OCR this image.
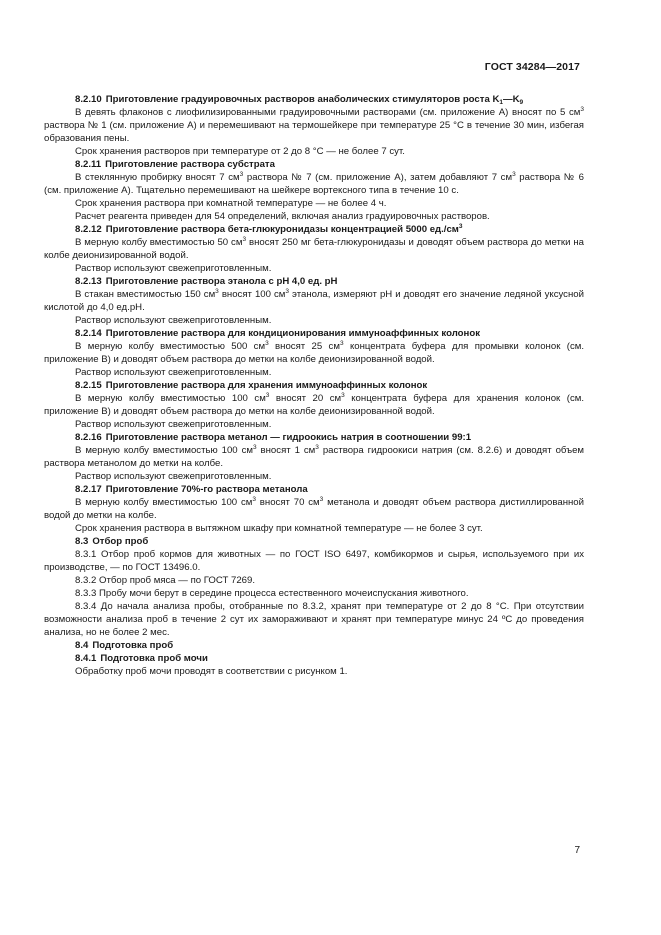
ГОСТ 34284—2017

8.2.10 Приготовление градуировочных растворов анаболических стимуляторов роста $K_1—K_9$

В девять флаконов с лиофилизированными градуировочными растворами (см. приложение А) вносят по 5 $см^3$ раствора № 1 (см. приложение А) и перемешивают на термошейкере при температуре 25 °С в течение 30 мин, избегая образования пены.

Срок хранения растворов при температуре от 2 до 8 °С — не более 7 сут.

8.2.11 Приготовление раствора субстрата

В стеклянную пробирку вносят 7 $см^3$ раствора № 7 (см. приложение А), затем добавляют 7 $см^3$ раствора № 6 (см. приложение А). Тщательно перемешивают на шейкере вортексного типа в течение 10 с.

Срок хранения раствора при комнатной температуре — не более 4 ч.

Расчет реагента приведен для 54 определений, включая анализ градуировочных растворов.

8.2.12 Приготовление раствора бета-глюкуронидазы концентрацией 5000 $ед./см^3$

В мерную колбу вместимостью 50 $см^3$ вносят 250 мг бета-глюкуронидазы и доводят объем раствора до метки на колбе деионизированной водой.

Раствор используют свежеприготовленным.

8.2.13 Приготовление раствора этанола с рН 4,0 ед. рН

В стакан вместимостью 150 $см^3$ вносят 100 $см^3$ этанола, измеряют рН и доводят его значение ледяной уксусной кислотой до 4,0 ед.рН.

Раствор используют свежеприготовленным.

8.2.14 Приготовление раствора для кондиционирования иммуноаффинных колонок

В мерную колбу вместимостью 500 $см^3$ вносят 25 $см^3$ концентрата буфера для промывки колонок (см. приложение В) и доводят объем раствора до метки на колбе деионизированной водой.

Раствор используют свежеприготовленным.

8.2.15 Приготовление раствора для хранения иммуноаффинных колонок

В мерную колбу вместимостью 100 $см^3$ вносят 20 $см^3$ концентрата буфера для хранения колонок (см. приложение В) и доводят объем раствора до метки на колбе деионизированной водой.

Раствор используют свежеприготовленным.

8.2.16 Приготовление раствора метанол — гидроокись натрия в соотношении 99:1

В мерную колбу вместимостью 100 $см^3$ вносят 1 $см^3$ раствора гидроокиси натрия (см. 8.2.6) и доводят объем раствора метанолом до метки на колбе.

Раствор используют свежеприготовленным.

8.2.17 Приготовление 70%-го раствора метанола

В мерную колбу вместимостью 100 $см^3$ вносят 70 $см^3$ метанола и доводят объем раствора дистиллированной водой до метки на колбе.

Срок хранения раствора в вытяжном шкафу при комнатной температуре — не более 3 сут.

8.3 Отбор проб

8.3.1 Отбор проб кормов для животных — по ГОСТ ISO 6497, комбикормов и сырья, используемого при их производстве, — по ГОСТ 13496.0.

8.3.2 Отбор проб мяса — по ГОСТ 7269.

8.3.3 Пробу мочи берут в середине процесса естественного мочеиспускания животного.

8.3.4 До начала анализа пробы, отобранные по 8.3.2, хранят при температуре от 2 до 8 °С. При отсутствии возможности анализа проб в течение 2 сут их замораживают и хранят при температуре минус 24 ºС до проведения анализа, но не более 2 мес.

8.4 Подготовка проб

8.4.1 Подготовка проб мочи

Обработку проб мочи проводят в соответствии с рисунком 1.

7
